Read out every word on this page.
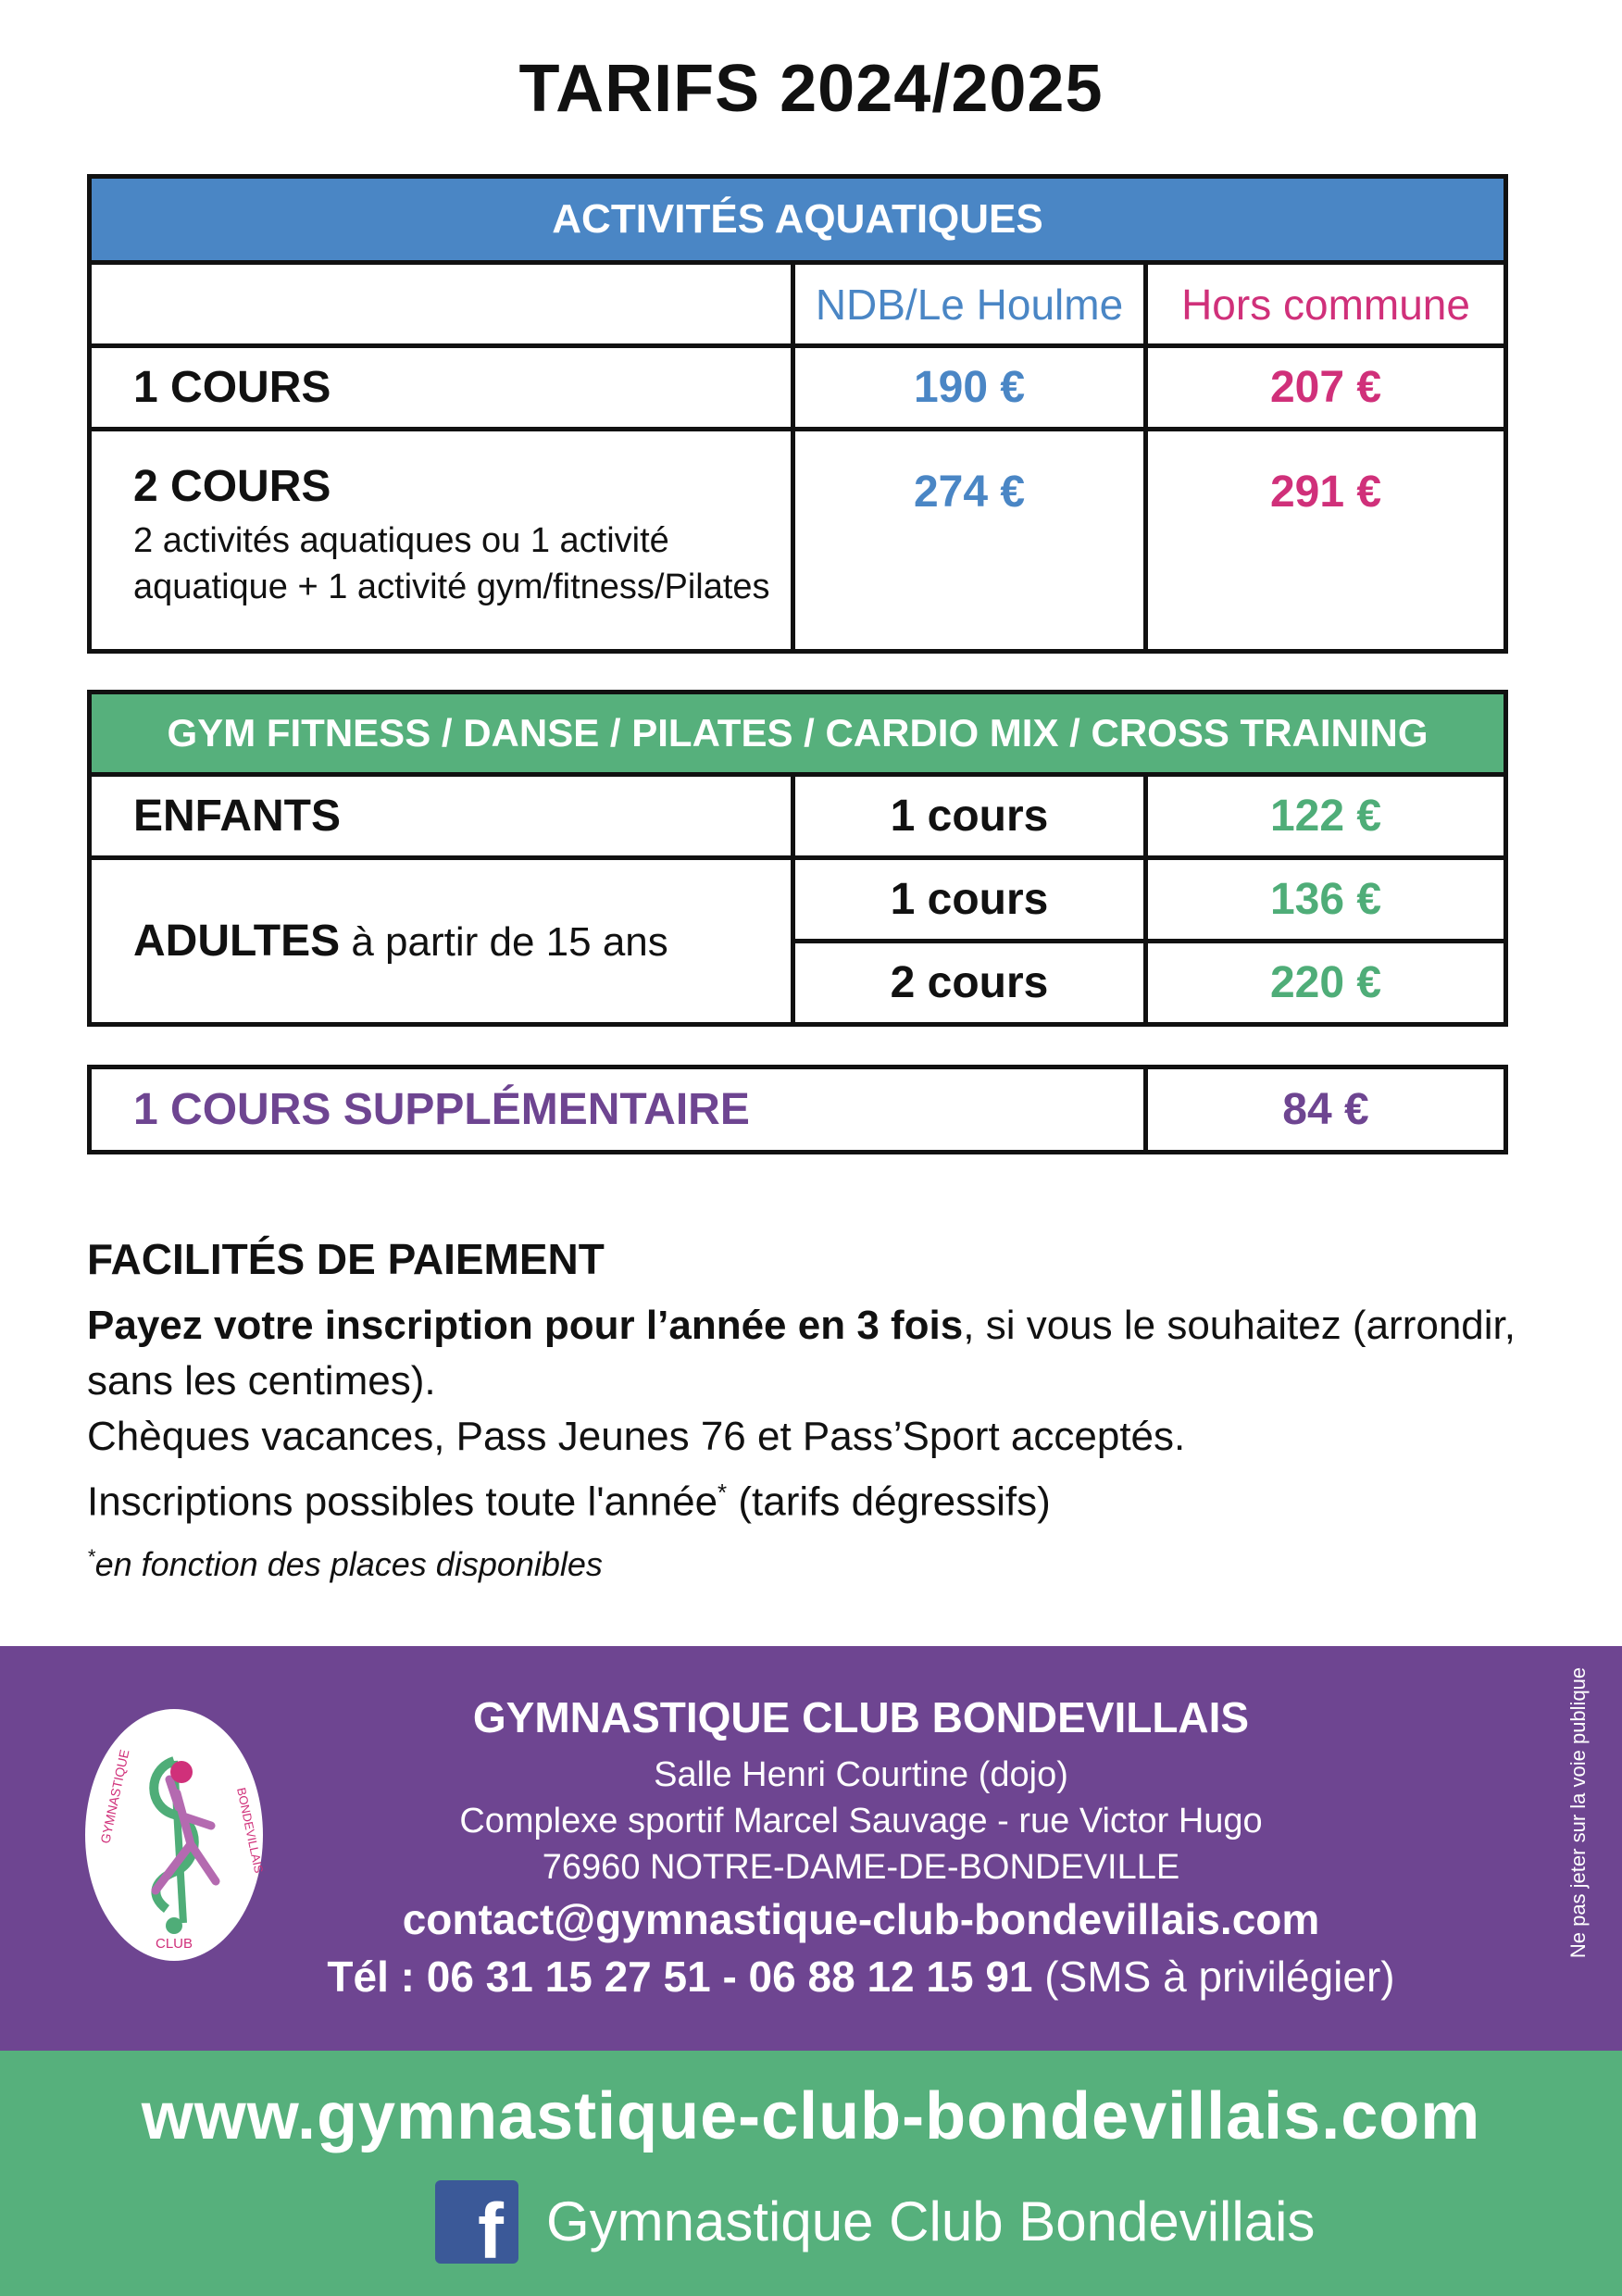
TARIFS 2024/2025
ACTIVITÉS AQUATIQUES		
	NDB/Le Houlme	Hors commune
1 COURS	190 €	207 €
2 COURS
2 activités aquatiques ou 1 activité
aquatique + 1 activité gym/fitness/Pilates	274 €	291 €
GYM FITNESS / DANSE / PILATES / CARDIO MIX / CROSS TRAINING		
ENFANTS	1 cours	122 €
ADULTES à partir de 15 ans	1 cours	136 €
	2 cours	220 €
1 COURS SUPPLÉMENTAIRE	84 €
FACILITÉS DE PAIEMENT

Payez votre inscription pour l’année en 3 fois, si vous le souhaitez (arrondir, sans les centimes).

Chèques vacances, Pass Jeunes 76 et Pass’Sport acceptés.

Inscriptions possibles toute l'année* (tarifs dégressifs)

*en fonction des places disponibles

GYMNASTIQUE	BONDEVILLAIS
CLUB
GYMNASTIQUE CLUB BONDEVILLAIS
Salle Henri Courtine (dojo)
Complexe sportif Marcel Sauvage - rue Victor Hugo
76960 NOTRE-DAME-DE-BONDEVILLE
contact@gymnastique-club-bondevillais.com
Tél : 06 31 15 27 51 - 06 88 12 15 91 (SMS à privilégier)
Ne pas jeter sur la voie publique
www.gymnastique-club-bondevillais.com
f Gymnastique Club Bondevillais
